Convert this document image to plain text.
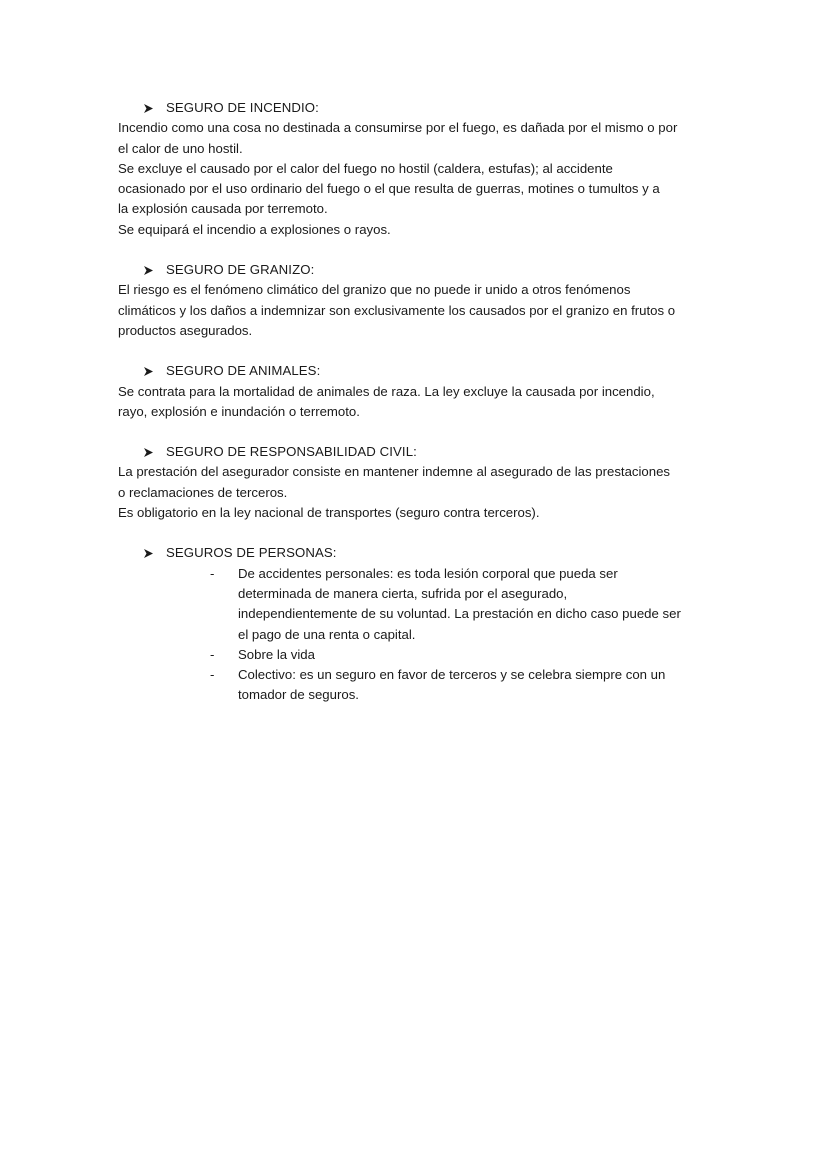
SEGURO DE INCENDIO:
Incendio como una cosa no destinada a consumirse por el fuego, es dañada por el mismo o por
el calor de uno hostil.
Se excluye el causado por el calor del fuego no hostil (caldera, estufas); al accidente
ocasionado por el uso ordinario del fuego o el que resulta de guerras, motines o tumultos y a
la explosión causada por terremoto.
Se equipará el incendio a explosiones o rayos.
SEGURO DE GRANIZO:
El riesgo es el fenómeno climático del granizo que no puede ir unido a otros fenómenos
climáticos y los daños a indemnizar son exclusivamente los causados por el granizo en frutos o
productos asegurados.
SEGURO DE ANIMALES:
Se contrata para la mortalidad de animales de raza. La ley excluye la causada por incendio,
rayo, explosión e inundación o terremoto.
SEGURO DE RESPONSABILIDAD CIVIL:
La prestación del asegurador consiste en mantener indemne al asegurado de las prestaciones
o reclamaciones de terceros.
Es obligatorio en la ley nacional de transportes (seguro contra terceros).
SEGUROS DE PERSONAS:
- De accidentes personales: es toda lesión corporal que pueda ser
determinada de manera cierta, sufrida por el asegurado,
independientemente de su voluntad. La prestación en dicho caso puede ser
el pago de una renta o capital.
- Sobre la vida
- Colectivo: es un seguro en favor de terceros y se celebra siempre con un
tomador de seguros.
